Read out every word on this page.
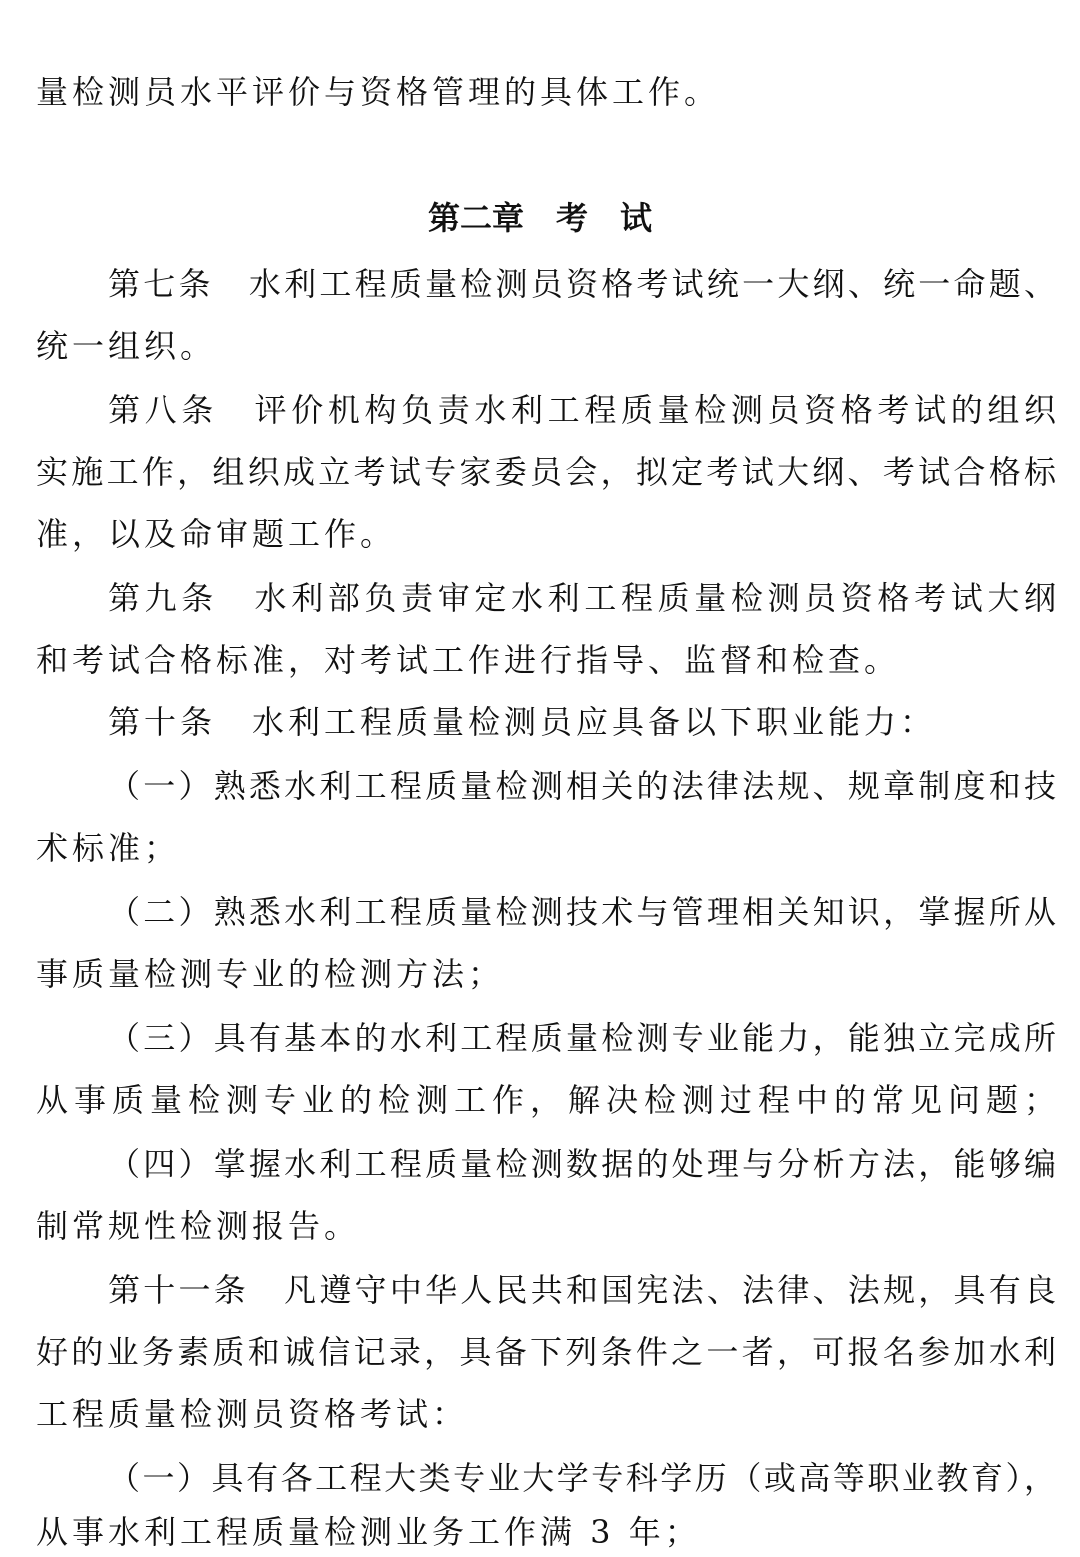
量检测员水平评价与资格管理的具体工作。
第二章　考　试
第七条　水利工程质量检测员资格考试统一大纲、统一命题、
统一组织。
第八条　评价机构负责水利工程质量检测员资格考试的组织
实施工作，组织成立考试专家委员会，拟定考试大纲、考试合格标
准，以及命审题工作。
第九条　水利部负责审定水利工程质量检测员资格考试大纲
和考试合格标准，对考试工作进行指导、监督和检查。
第十条　水利工程质量检测员应具备以下职业能力：
（一）熟悉水利工程质量检测相关的法律法规、规章制度和技
术标准；
（二）熟悉水利工程质量检测技术与管理相关知识，掌握所从
事质量检测专业的检测方法；
（三）具有基本的水利工程质量检测专业能力，能独立完成所
从事质量检测专业的检测工作，解决检测过程中的常见问题；
（四）掌握水利工程质量检测数据的处理与分析方法，能够编
制常规性检测报告。
第十一条　凡遵守中华人民共和国宪法、法律、法规，具有良
好的业务素质和诚信记录，具备下列条件之一者，可报名参加水利
工程质量检测员资格考试：
（一）具有各工程大类专业大学专科学历（或高等职业教育），
从事水利工程质量检测业务工作满 3 年；
